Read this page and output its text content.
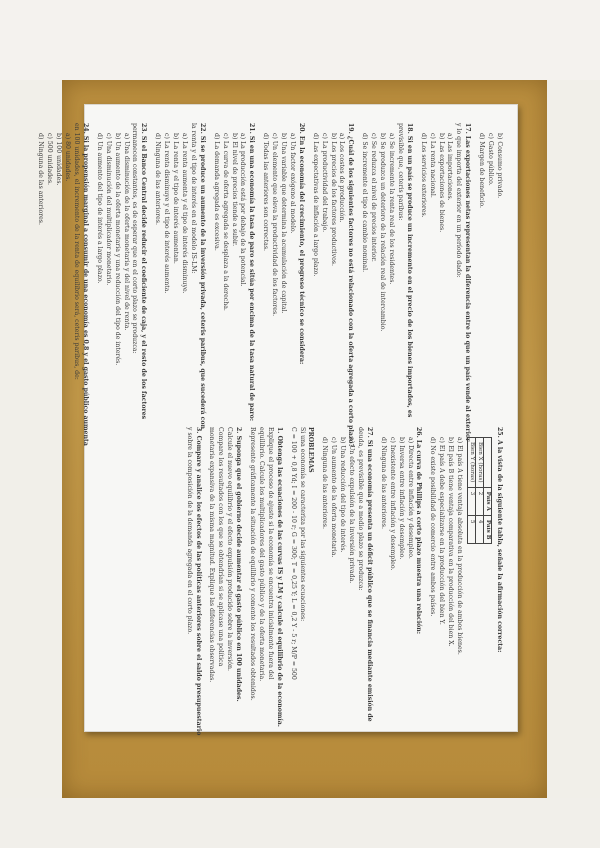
b) Consumo privado.
c) Gasto público.
d) Margen de beneficio.
17. Las exportaciones netas representan la diferencia entre lo que un país vende al exterior
y lo que importa del exterior en un período dado:
a) Las importaciones.
b) Las exportaciones de bienes.
c) La renta nacional.
d) Los servicios exteriores.
18. Si en un país se produce un incremento en el precio de los bienes importados, es
previsible que, ceteris paribus:
a) Se incremente la renta real de los residentes.
b) Se produzca un deterioro de la relación real de intercambio.
c) Se reduzca el nivel de precios interior.
d) Se incremente el tipo de cambio nominal.
19. ¿Cuál de los siguientes factores no está relacionado con la oferta agregada a corto plazo?
a) Los costes de producción.
b) Los precios de los factores productivos.
c) La productividad del trabajo.
d) Las expectativas de inflación a largo plazo.
20. En la economía del crecimiento, el progreso técnico se considera:
a) Un factor exógeno al modelo.
b) Una variable que determina la acumulación de capital.
c) Un elemento que eleva la productividad de los factores.
d) Todas las anteriores son correctas.
21. Si en una economía la tasa de paro se sitúa por encima de la tasa natural de paro:
a) La producción está por debajo de la potencial.
b) El nivel de precios tiende a subir.
c) La curva de oferta agregada se desplaza a la derecha.
d) La demanda agregada es excesiva.
22. Si se produce un aumento de la inversión privada, ceteris paribus, que sucederá con
la renta y el tipo de interés en el modelo IS-LM:
a) La renta aumenta y el tipo de interés disminuye.
b) La renta y el tipo de interés aumentan.
c) La renta disminuye y el tipo de interés aumenta.
d) Ninguna de las anteriores.
23. Si el Banco Central decide reducir el coeficiente de caja, y el resto de los factores
permanecen constantes, es de esperar que en el corto plazo se produzca:
a) Una disminución de la oferta monetaria y del nivel de renta.
b) Un aumento de la oferta monetaria y una reducción del tipo de interés.
c) Una disminución del multiplicador monetario.
d) Un aumento del tipo de interés a largo plazo.
24. Si la propensión marginal a consumir de una economía es 0,8 y el gasto público aumenta
en 100 unidades, el incremento de la renta de equilibrio será, ceteris paribus, de:
a) 80 unidades.
b) 100 unidades.
c) 500 unidades.
d) Ninguna de las anteriores.
25. A la vista de la siguiente tabla, señale la afirmación correcta:
	País A	País B
Bien X (horas)	2	4
Bien Y (horas)	3	5
a) El país A tiene ventaja absoluta en la producción de ambos bienes.
b) El país B tiene ventaja comparativa en la producción del bien X.
c) El país A debe especializarse en la producción del bien Y.
d) No existe posibilidad de comercio entre ambos países.
26. La curva de Phillips a corto plazo muestra una relación:
a) Directa entre inflación y desempleo.
b) Inversa entre inflación y desempleo.
c) Inexistente entre inflación y desempleo.
d) Ninguna de las anteriores.
27. Si una economía presenta un déficit público que se financia mediante emisión de
deuda, es previsible que a medio plazo se produzca:
a) Un efecto expulsión de la inversión privada.
b) Una reducción del tipo de interés.
c) Un aumento de la oferta monetaria.
d) Ninguna de las anteriores.
PROBLEMAS
Si una economía se caracteriza por las siguientes ecuaciones:
C = 100 + 0,8 Yd; I = 200 - 10 r; G = 300; T = 0,25 Y; L = 0,2 Y - 5 r; M/P = 500
1. Obtenga las ecuaciones de las curvas IS y LM y calcule el equilibrio de la economía.
Explique el proceso de ajuste si la economía se encuentra inicialmente fuera del
equilibrio. Calcule los multiplicadores del gasto público y de la oferta monetaria.
Represente gráficamente la situación de equilibrio y comente los resultados obtenidos.
2. Suponga que el gobierno decide aumentar el gasto público en 100 unidades.
Calcule el nuevo equilibrio y el efecto expulsión producido sobre la inversión.
Compare los resultados con los que se obtendrían si se aplicase una política
monetaria expansiva de la misma magnitud. Explique las diferencias observadas.
3. Compare y analice los efectos de las políticas anteriores sobre el saldo presupuestario
y sobre la composición de la demanda agregada en el corto plazo.
